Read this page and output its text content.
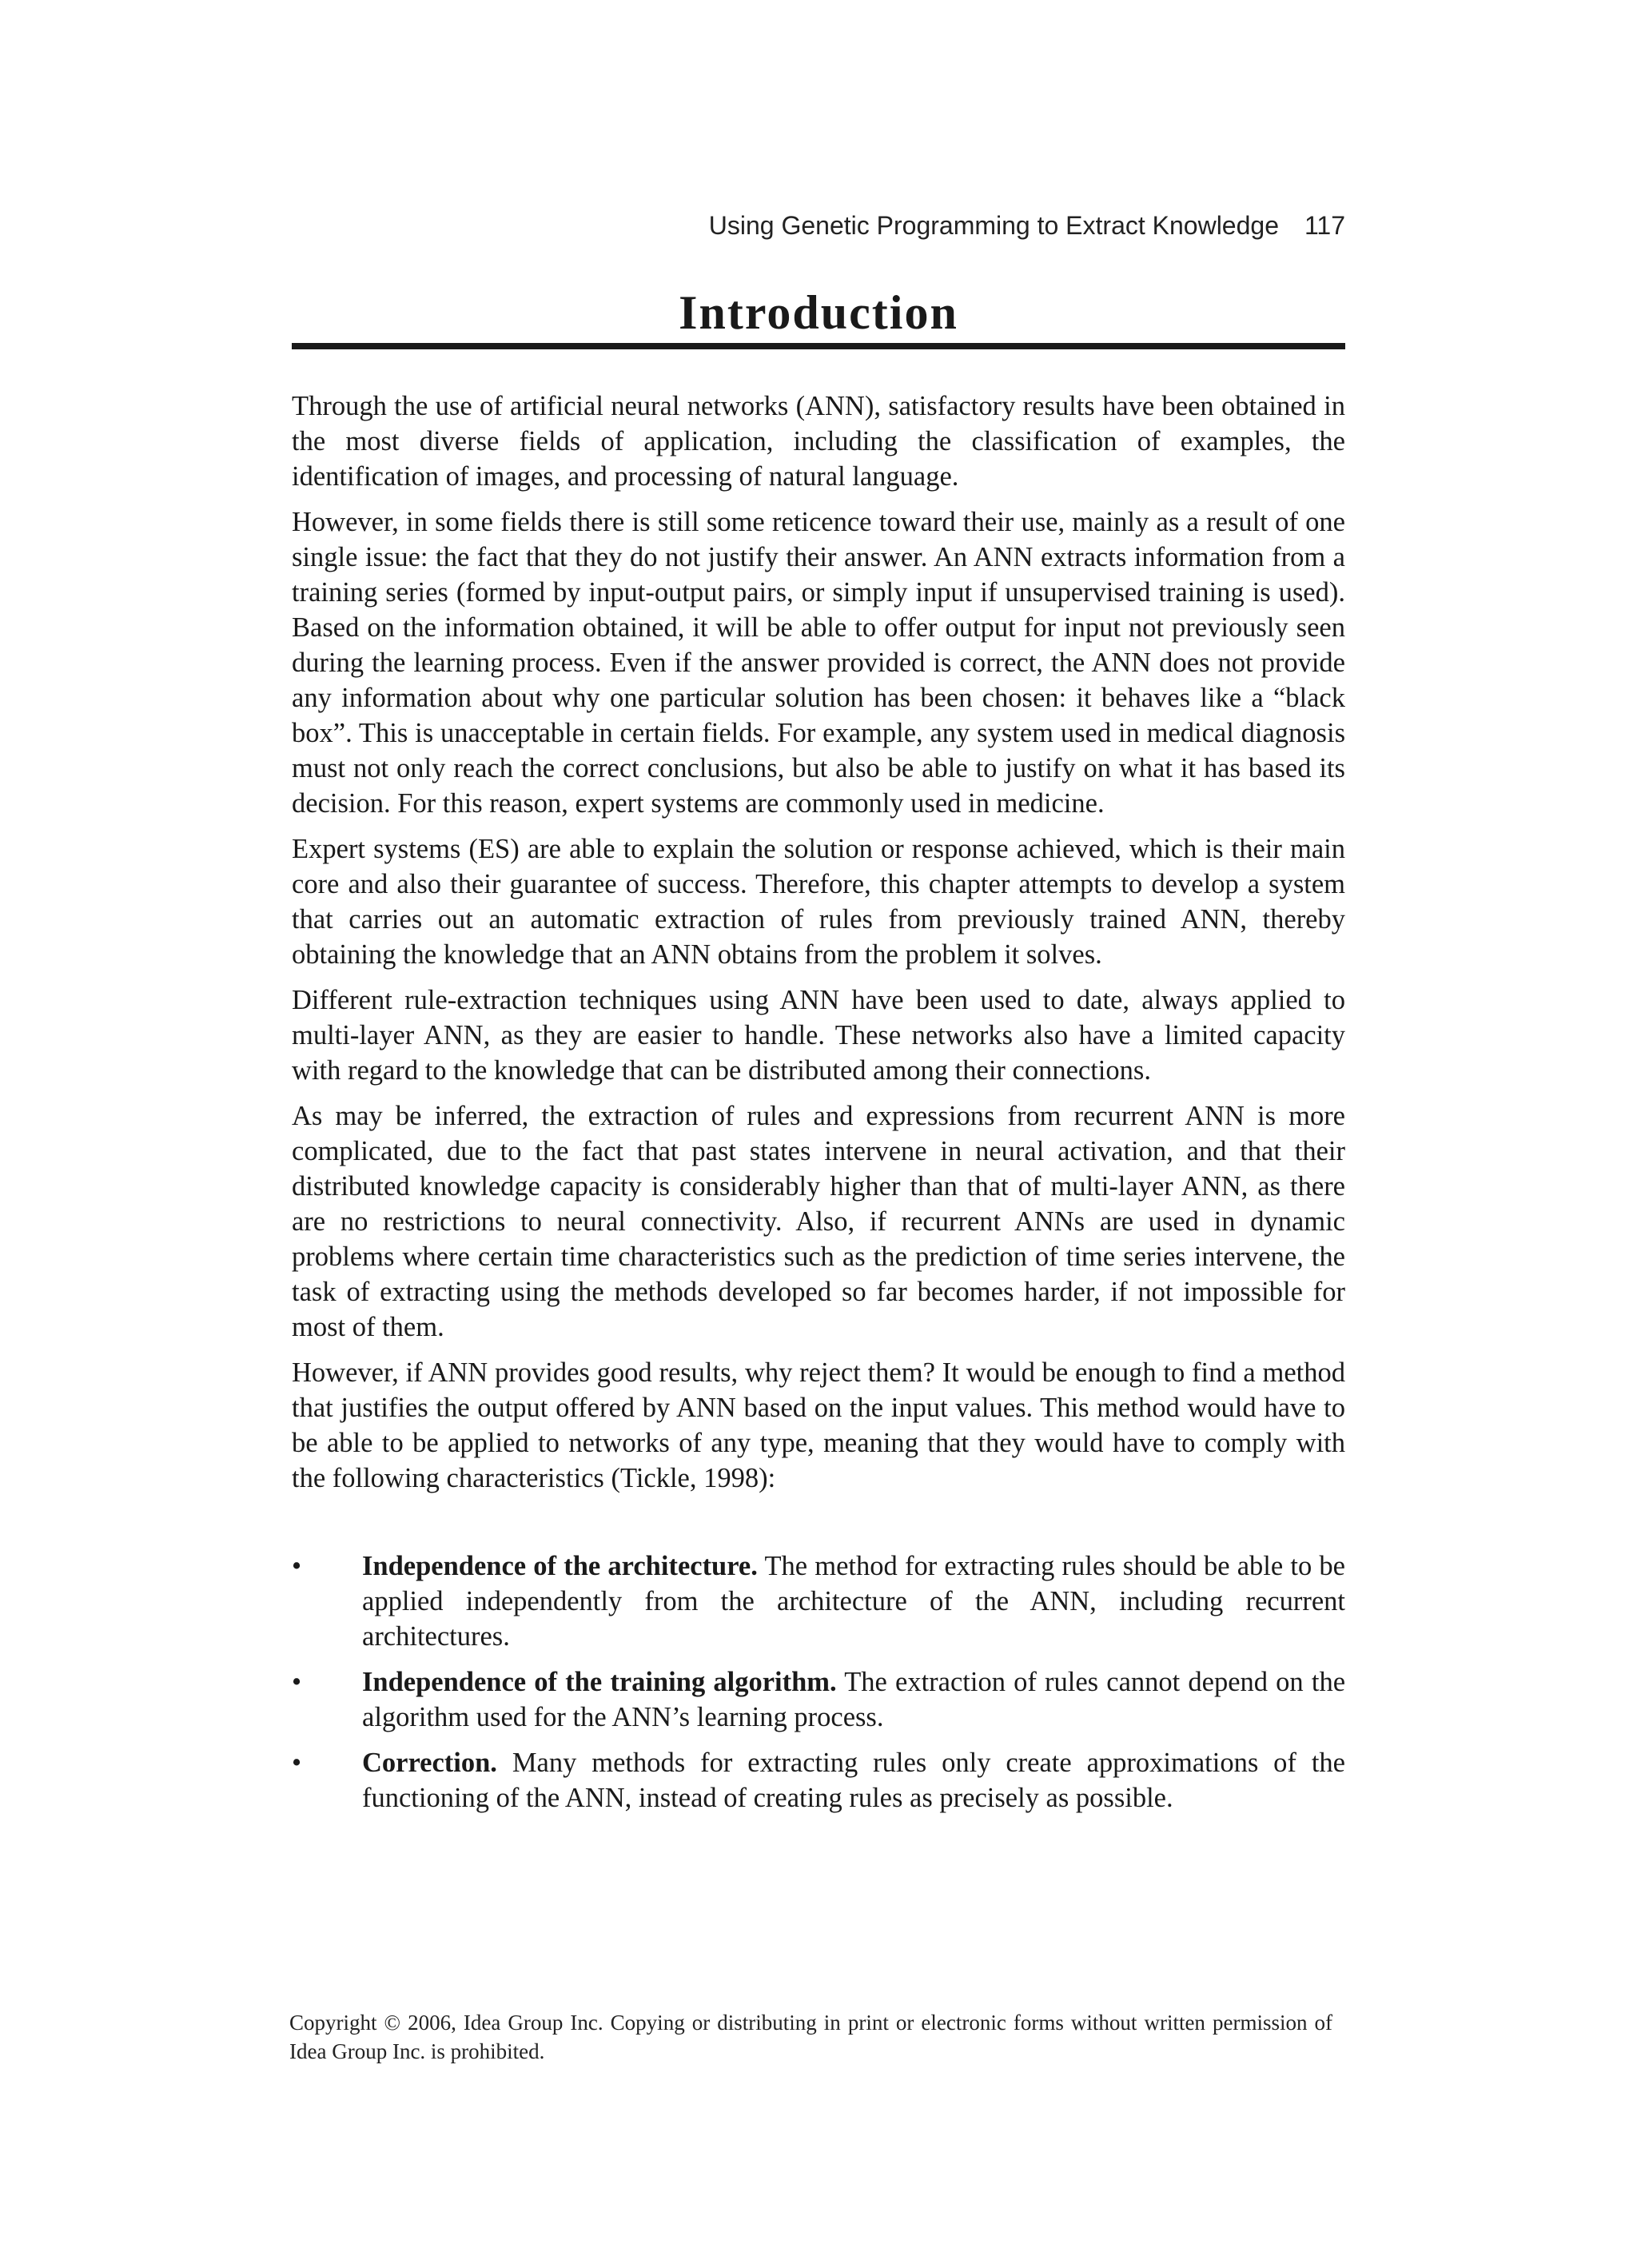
Using Genetic Programming to Extract Knowledge 117
Introduction

Through the use of artificial neural networks (ANN), satisfactory results have been obtained in the most diverse fields of application, including the classification of examples, the identification of images, and processing of natural language.

However, in some fields there is still some reticence toward their use, mainly as a result of one single issue: the fact that they do not justify their answer. An ANN extracts information from a training series (formed by input-output pairs, or simply input if unsupervised training is used). Based on the information obtained, it will be able to offer output for input not previously seen during the learning process. Even if the answer provided is correct, the ANN does not provide any information about why one particular solution has been chosen: it behaves like a “black box”. This is unacceptable in certain fields. For example, any system used in medical diagnosis must not only reach the correct conclusions, but also be able to justify on what it has based its decision. For this reason, expert systems are commonly used in medicine.

Expert systems (ES) are able to explain the solution or response achieved, which is their main core and also their guarantee of success. Therefore, this chapter attempts to develop a system that carries out an automatic extraction of rules from previously trained ANN, thereby obtaining the knowledge that an ANN obtains from the problem it solves.

Different rule-extraction techniques using ANN have been used to date, always applied to multi-layer ANN, as they are easier to handle. These networks also have a limited capacity with regard to the knowledge that can be distributed among their connections.

As may be inferred, the extraction of rules and expressions from recurrent ANN is more complicated, due to the fact that past states intervene in neural activation, and that their distributed knowledge capacity is considerably higher than that of multi-layer ANN, as there are no restrictions to neural connectivity. Also, if recurrent ANNs are used in dynamic problems where certain time characteristics such as the prediction of time series intervene, the task of extracting using the methods developed so far becomes harder, if not impossible for most of them.

However, if ANN provides good results, why reject them? It would be enough to find a method that justifies the output offered by ANN based on the input values. This method would have to be able to be applied to networks of any type, meaning that they would have to comply with the following characteristics (Tickle, 1998):

• Independence of the architecture. The method for extracting rules should be able to be applied independently from the architecture of the ANN, including recurrent architectures.
• Independence of the training algorithm. The extraction of rules cannot depend on the algorithm used for the ANN’s learning process.
• Correction. Many methods for extracting rules only create approximations of the functioning of the ANN, instead of creating rules as precisely as possible.
Copyright © 2006, Idea Group Inc. Copying or distributing in print or electronic forms without written permission of Idea Group Inc. is prohibited.
